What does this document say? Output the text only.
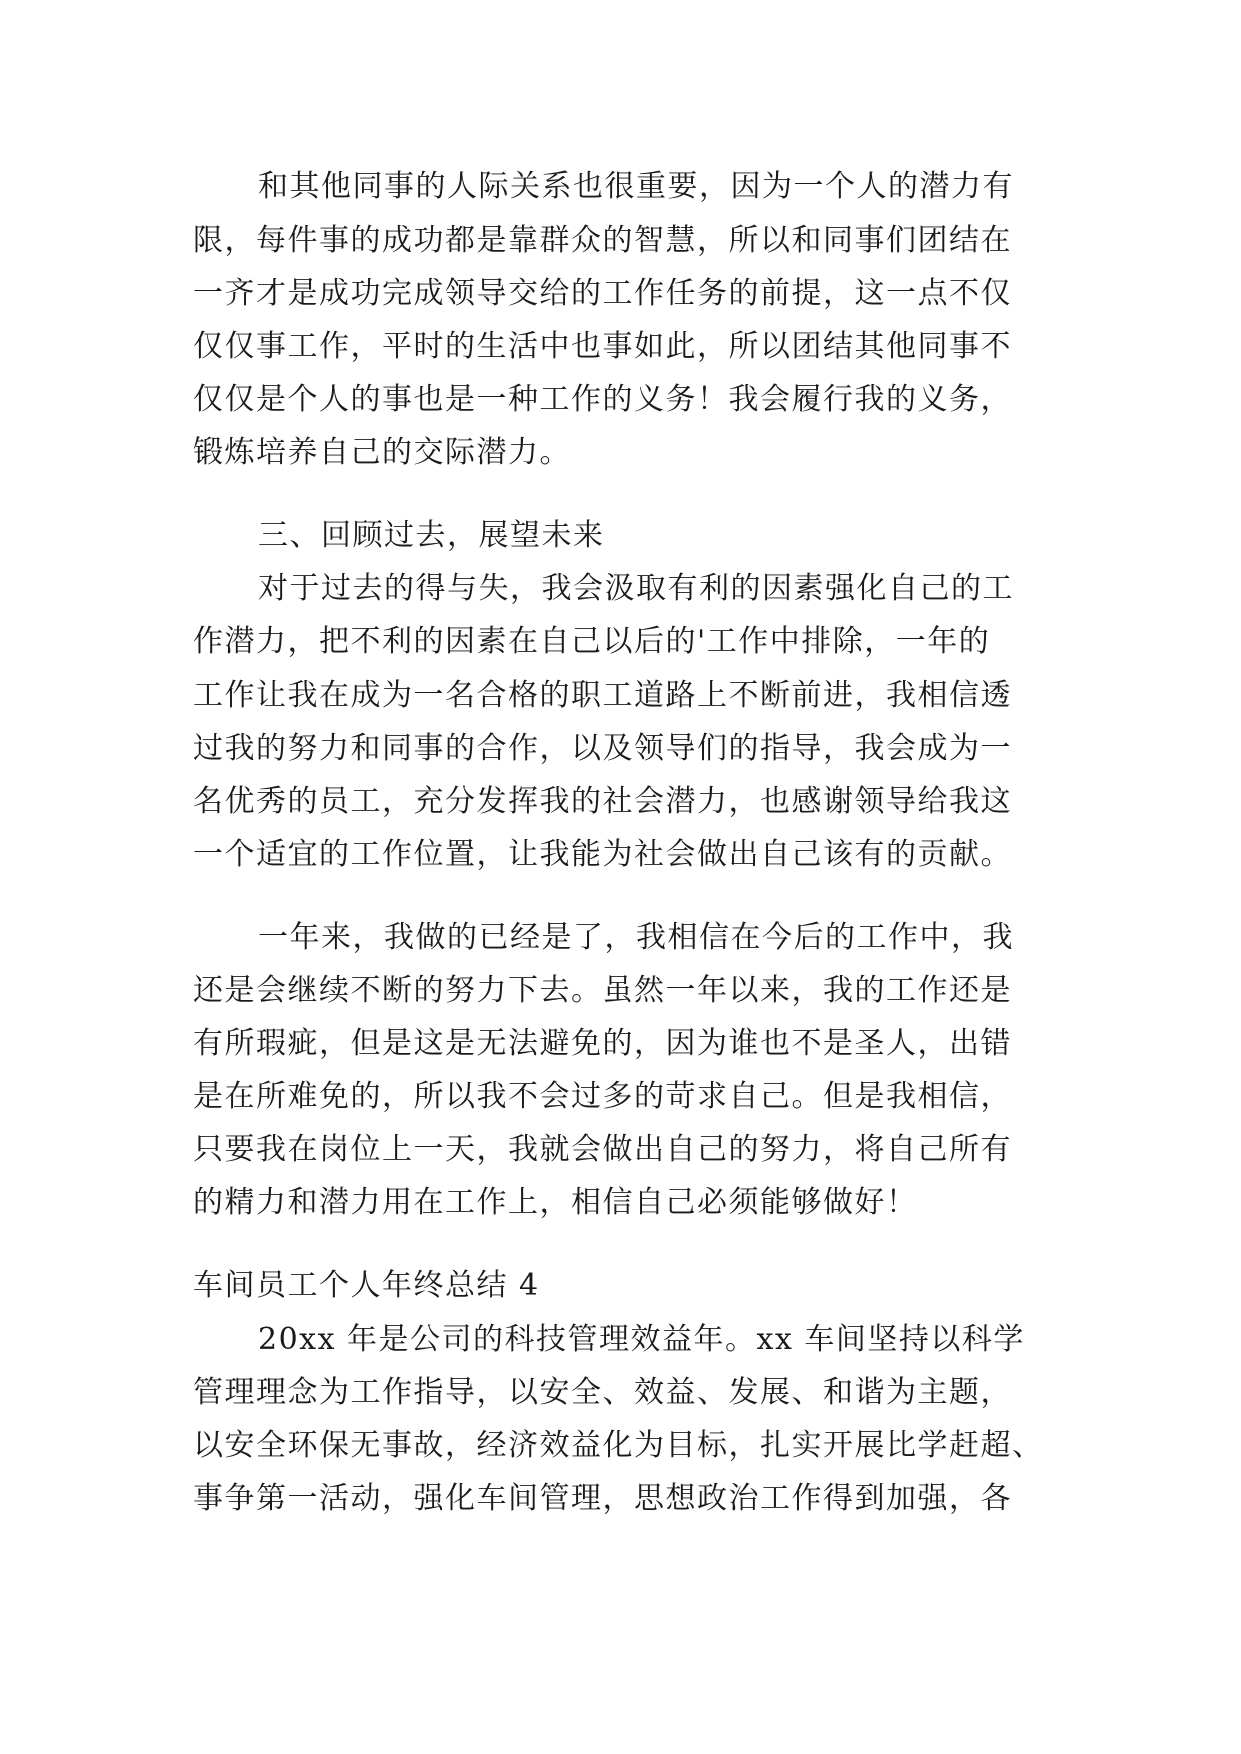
和其他同事的人际关系也很重要，因为一个人的潜力有
限，每件事的成功都是靠群众的智慧，所以和同事们团结在
一齐才是成功完成领导交给的工作任务的前提，这一点不仅
仅仅事工作，平时的生活中也事如此，所以团结其他同事不
仅仅是个人的事也是一种工作的义务！我会履行我的义务，
锻炼培养自己的交际潜力。
三、回顾过去，展望未来
对于过去的得与失，我会汲取有利的因素强化自己的工
作潜力，把不利的因素在自己以后的'工作中排除，一年的
工作让我在成为一名合格的职工道路上不断前进，我相信透
过我的努力和同事的合作，以及领导们的指导，我会成为一
名优秀的员工，充分发挥我的社会潜力，也感谢领导给我这
一个适宜的工作位置，让我能为社会做出自己该有的贡献。
一年来，我做的已经是了，我相信在今后的工作中，我
还是会继续不断的努力下去。虽然一年以来，我的工作还是
有所瑕疵，但是这是无法避免的，因为谁也不是圣人，出错
是在所难免的，所以我不会过多的苛求自己。但是我相信，
只要我在岗位上一天，我就会做出自己的努力，将自己所有
的精力和潜力用在工作上，相信自己必须能够做好！
车间员工个人年终总结 4
20xx 年是公司的科技管理效益年。xx 车间坚持以科学
管理理念为工作指导，以安全、效益、发展、和谐为主题，
以安全环保无事故，经济效益化为目标，扎实开展比学赶超、
事争第一活动，强化车间管理，思想政治工作得到加强，各
